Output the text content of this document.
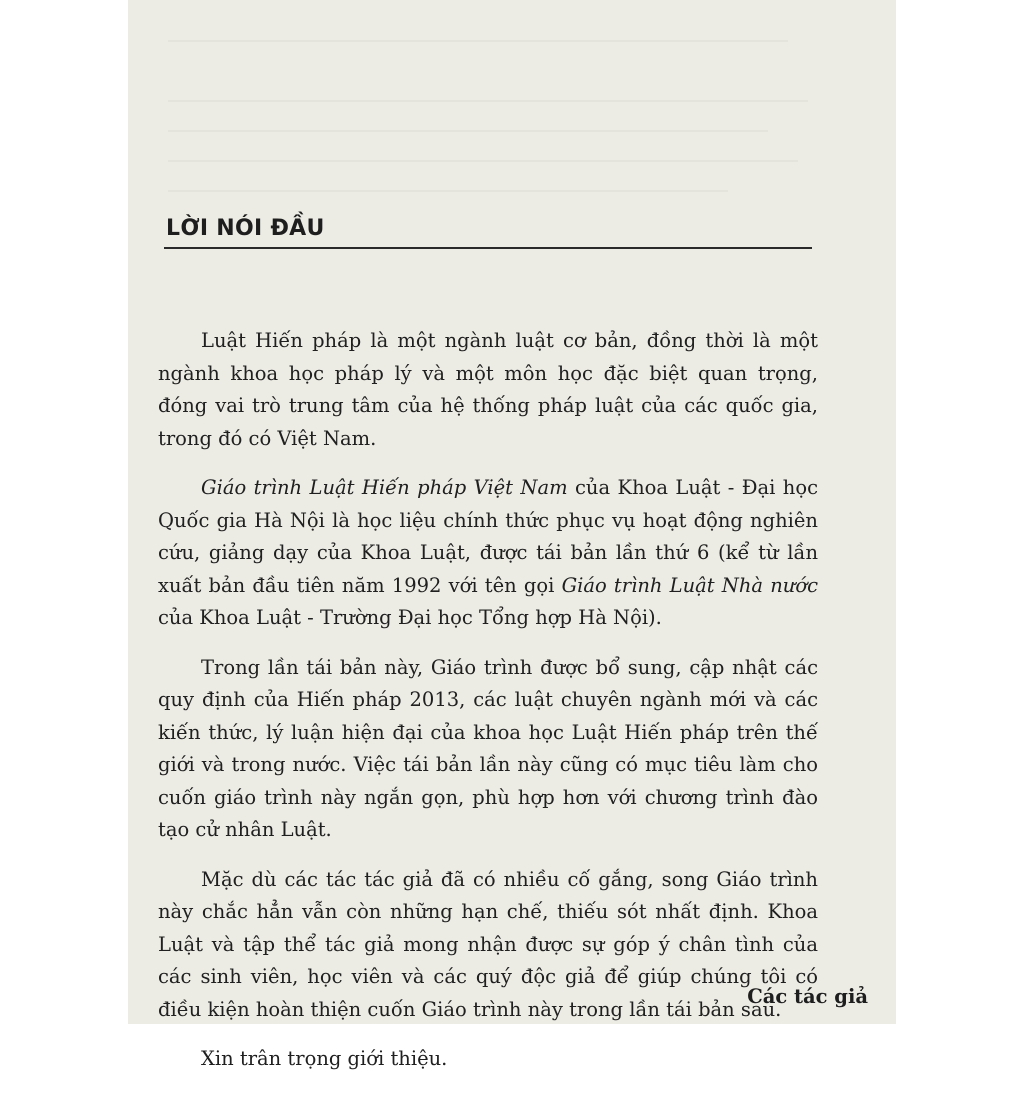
LỜI NÓI ĐẦU

Luật Hiến pháp là một ngành luật cơ bản, đồng thời là một ngành khoa học pháp lý và một môn học đặc biệt quan trọng, đóng vai trò trung tâm của hệ thống pháp luật của các quốc gia, trong đó có Việt Nam.

Giáo trình Luật Hiến pháp Việt Nam của Khoa Luật - Đại học Quốc gia Hà Nội là học liệu chính thức phục vụ hoạt động nghiên cứu, giảng dạy của Khoa Luật, được tái bản lần thứ 6 (kể từ lần xuất bản đầu tiên năm 1992 với tên gọi Giáo trình Luật Nhà nước của Khoa Luật - Trường Đại học Tổng hợp Hà Nội).

Trong lần tái bản này, Giáo trình được bổ sung, cập nhật các quy định của Hiến pháp 2013, các luật chuyên ngành mới và các kiến thức, lý luận hiện đại của khoa học Luật Hiến pháp trên thế giới và trong nước. Việc tái bản lần này cũng có mục tiêu làm cho cuốn giáo trình này ngắn gọn, phù hợp hơn với chương trình đào tạo cử nhân Luật.

Mặc dù các tác tác giả đã có nhiều cố gắng, song Giáo trình này chắc hẳn vẫn còn những hạn chế, thiếu sót nhất định. Khoa Luật và tập thể tác giả mong nhận được sự góp ý chân tình của các sinh viên, học viên và các quý độc giả để giúp chúng tôi có điều kiện hoàn thiện cuốn Giáo trình này trong lần tái bản sau.

Xin trân trọng giới thiệu.

Các tác giả
